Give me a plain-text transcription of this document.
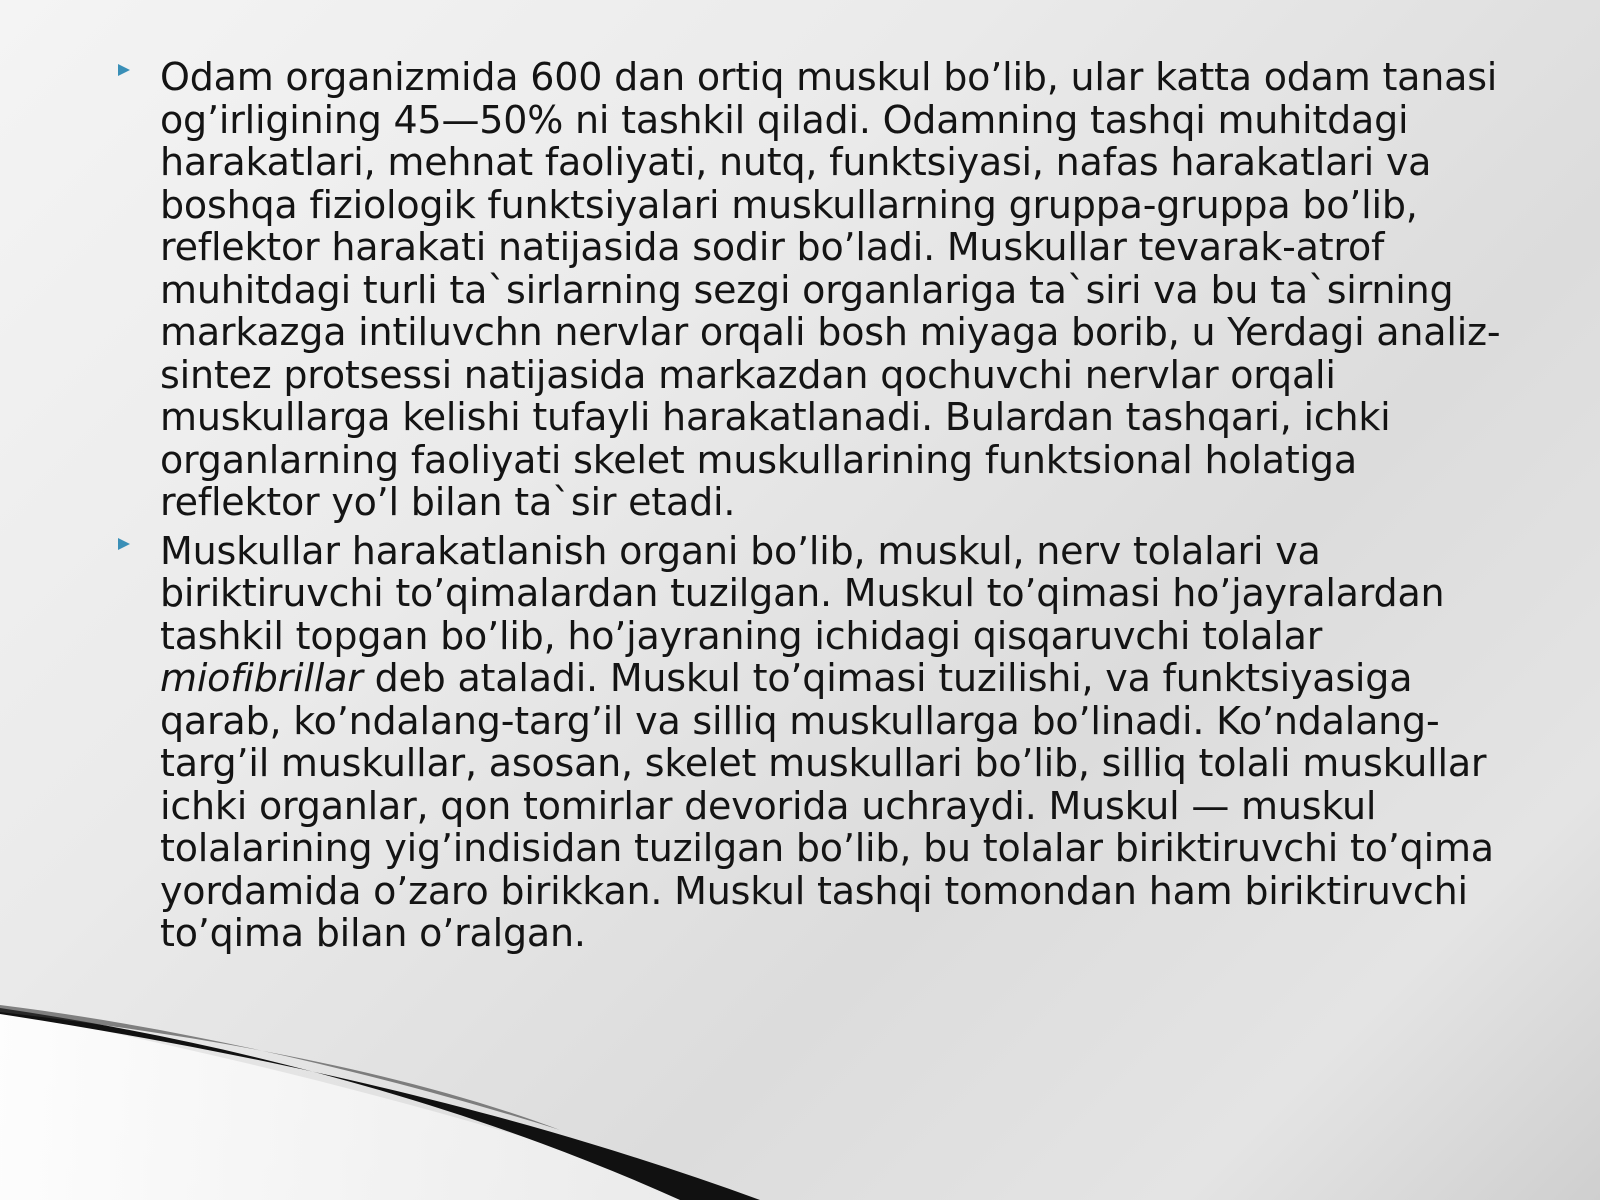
Odam organizmida 600 dan ortiq muskul bo’lib, ular katta odam tanasi og’irligining 45—50% ni tashkil qiladi. Odamning tashqi muhitdagi harakatlari, mehnat faoliyati, nutq, funktsiyasi, nafas harakatlari va boshqa fiziologik funktsiyalari muskullarning gruppa-gruppa bo’lib, reflektor harakati natijasida sodir bo’ladi. Muskullar tevarak-atrof muhitdagi turli ta`sirlarning sezgi organlariga ta`siri va bu ta`sirning markazga intiluvchn nervlar orqali bosh miyaga borib, u Yerdagi analiz-sintez protsessi natijasida markazdan qochuvchi nervlar orqali muskullarga kelishi tufayli harakatlanadi. Bulardan tashqari, ichki organlarning faoliyati skelet muskullarining funktsional holatiga reflektor yo’l bilan ta`sir etadi.
Muskullar harakatlanish organi bo’lib, muskul, nerv tolalari va biriktiruvchi to’qimalardan tuzilgan. Muskul to’qimasi ho’jayralardan tashkil topgan bo’lib, ho’jayraning ichidagi qisqaruvchi tolalar miofibrillar deb ataladi. Muskul to’qimasi tuzilishi, va funktsiyasiga qarab, ko’ndalang-targ’il va silliq muskullarga bo’linadi. Ko’ndalang-targ’il muskullar, asosan, skelet muskullari bo’lib, silliq tolali muskullar ichki organlar, qon tomirlar devorida uchraydi. Muskul — muskul tolalarining yig’indisidan tuzilgan bo’lib, bu tolalar biriktiruvchi to’qima yordamida o’zaro birikkan. Muskul tashqi tomondan ham biriktiruvchi to’qima bilan o’ralgan.
